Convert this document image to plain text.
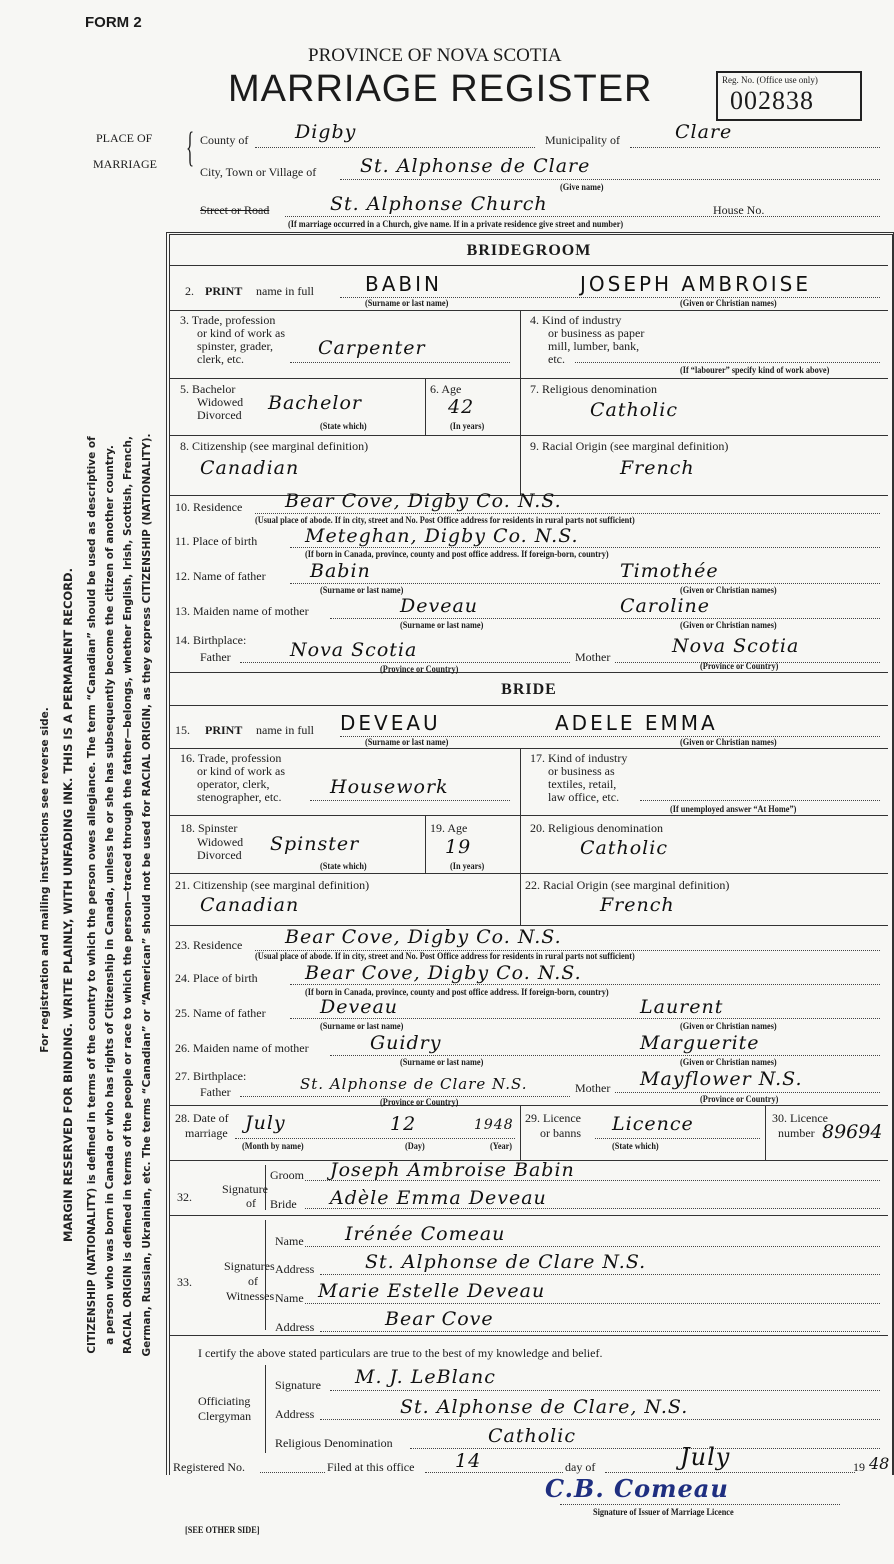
FORM 2
PROVINCE OF NOVA SCOTIA
MARRIAGE REGISTER	Reg. No. (Office use only)
002838
For registration and mailing instructions see reverse side. MARGIN RESERVED FOR BINDING. WRITE PLAINLY, WITH UNFADING INK. THIS IS A PERMANENT RECORD. CITIZENSHIP (NATIONALITY) is defined in terms of the country to which the person owes allegiance. The term “Canadian” should be used as descriptive of a person who was born in Canada or who has rights of Citizenship in Canada, unless he or she has subsequently become the citizen of another country. RACIAL ORIGIN is defined in terms of the people or race to which the person—traced through the father—belongs, whether English, Irish, Scottish, French, German, Russian, Ukrainian, etc. The terms “Canadian” or “American” should not be used for RACIAL ORIGIN, as they express CITIZENSHIP (NATIONALITY).
PLACE OF
MARRIAGE { County of Digby	Municipality of	Clare
City, Town or Village of St. Alphonse de Clare
(Give name)
Street or Road	St. Alphonse Church	House No.
(If marriage occurred in a Church, give name. If in a private residence give street and number)
BRIDEGROOM
2. PRINT name in full	BABIN	JOSEPH AMBROISE
(Surname or last name)	(Given or Christian names)
3. Trade, profession
or kind of work as
spinster, grader,
clerk, etc.	Carpenter
4. Kind of industry
or business as paper
mill, lumber, bank,
etc.
(If “labourer” specify kind of work above)
5. Bachelor
Widowed
Divorced
Bachelor
(State which)
6. Age
42
(In years)
7. Religious denomination
Catholic
8. Citizenship (see marginal definition)
Canadian
9. Racial Origin (see marginal definition)
French
10. Residence Bear Cove, Digby Co. N.S.
(Usual place of abode. If in city, street and No. Post Office address for residents in rural parts not sufficient)
11. Place of birth	Meteghan, Digby Co. N.S.
(If born in Canada, province, county and post office address. If foreign-born, country)
12. Name of father Babin	Timothée
(Surname or last name)	(Given or Christian names)
13. Maiden name of mother	Deveau	Caroline
(Surname or last name)	(Given or Christian names)
14. Birthplace:
Father	Nova Scotia
(Province or Country)
Mother	Nova Scotia
(Province or Country)
BRIDE
15. PRINT name in full DEVEAU	ADELE EMMA
(Surname or last name)	(Given or Christian names)
16. Trade, profession
or kind of work as
operator, clerk,
stenographer, etc.	Housework
17. Kind of industry
or business as
textiles, retail,
law office, etc.
(If unemployed answer “At Home”)
18. Spinster
Widowed
Divorced Spinster
(State which)
19. Age
19
(In years)
20. Religious denomination
Catholic
21. Citizenship (see marginal definition)
Canadian
22. Racial Origin (see marginal definition)
French
23. Residence Bear Cove, Digby Co. N.S.
(Usual place of abode. If in city, street and No. Post Office address for residents in rural parts not sufficient)
24. Place of birth Bear Cove, Digby Co. N.S.
(If born in Canada, province, county and post office address. If foreign-born, country)
25. Name of father	Deveau	Laurent
(Surname or last name)	(Given or Christian names)
26. Maiden name of mother	Guidry	Marguerite
(Surname or last name)	(Given or Christian names)
27. Birthplace:
Father	St. Alphonse de Clare N.S.
(Province or Country)
Mother Mayflower N.S.
(Province or Country)
28. Date of
marriage July	12	1948
(Month by name)	(Day)	(Year)
29. Licence
or banns Licence
(State which)
30. Licence
number 89694
32.
Signature
of
Groom Joseph Ambroise Babin
Bride Adèle Emma Deveau
33.
Signatures
of
Witnesses
Name Irénée Comeau
Address	St. Alphonse de Clare N.S.
Name Marie Estelle Deveau
Address	Bear Cove
I certify the above stated particulars are true to the best of my knowledge and belief.
Officiating
Clergyman
Signature M. J. LeBlanc
Address	St. Alphonse de Clare, N.S.
Religious Denomination	Catholic
Registered No.	Filed at this office 14	day of	July	19 48
C.B. Comeau
Signature of Issuer of Marriage Licence
[SEE OTHER SIDE]
